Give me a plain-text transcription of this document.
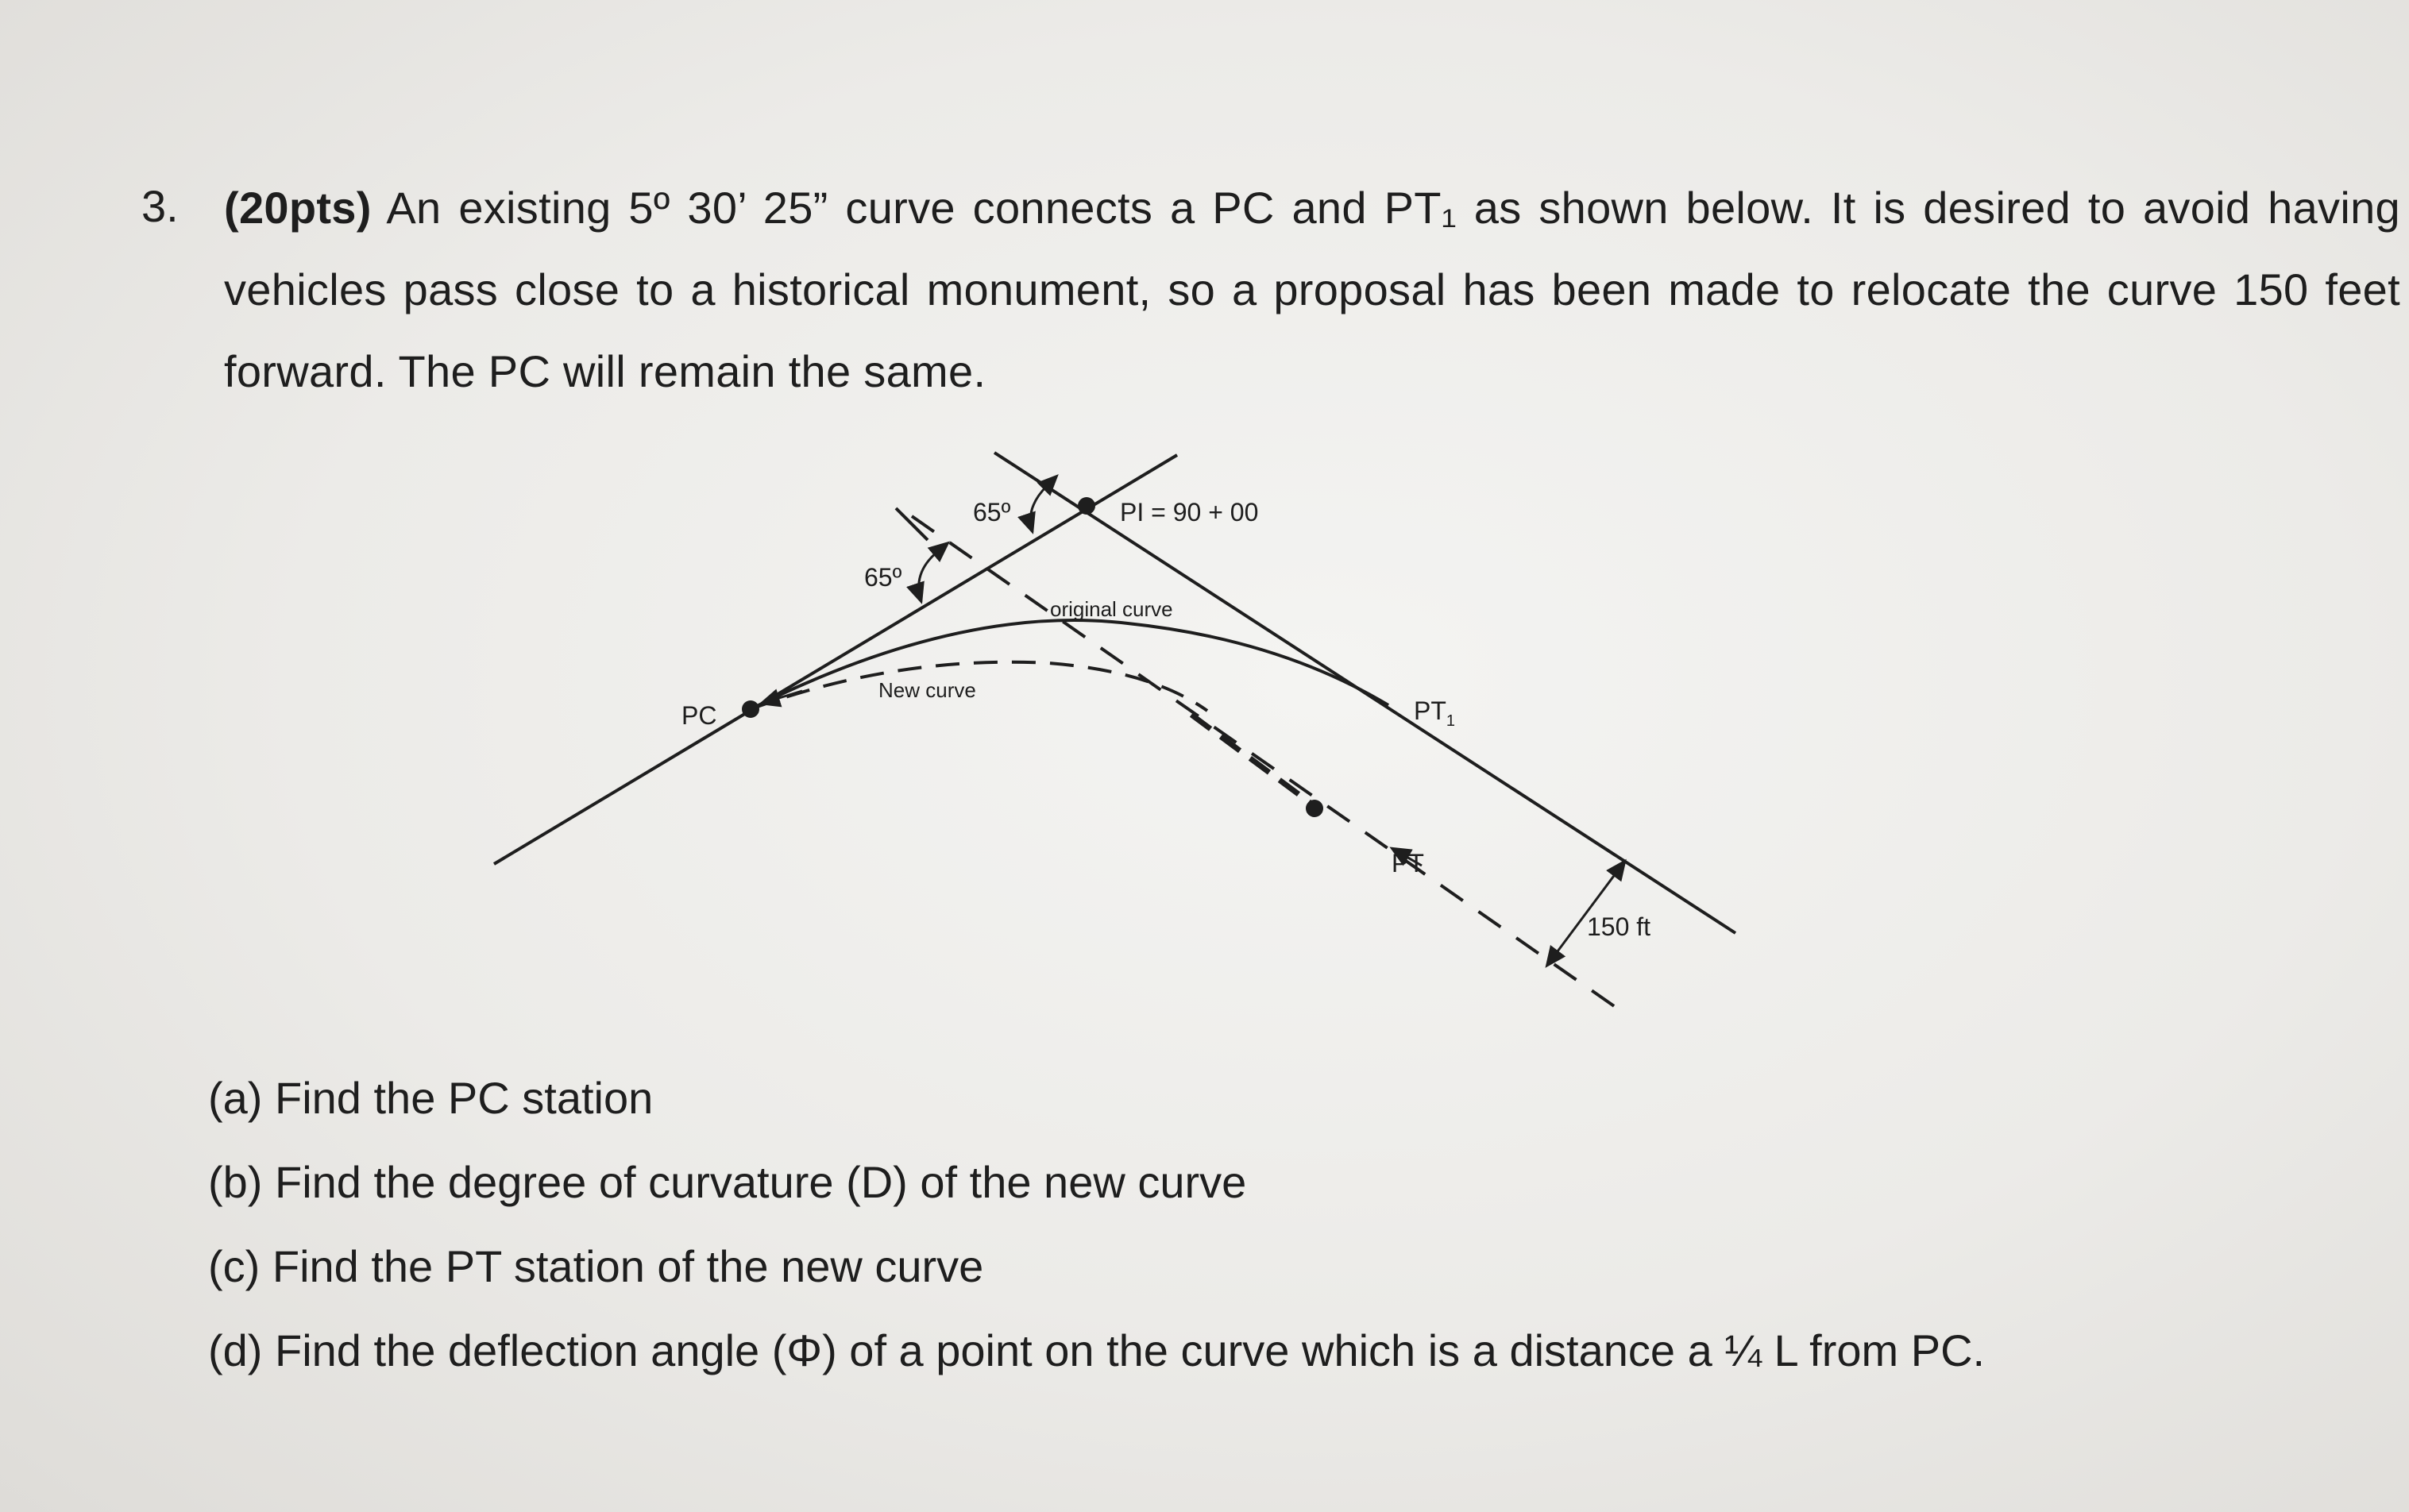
3. (20pts) An existing 5º 30’ 25” curve connects a PC and PT₁ as shown below. It is desired to avoid having vehicles pass close to a historical monument, so a proposal has been made to relocate the curve 150 feet forward. The PC will remain the same.
65º
65º
PI = 90 + 00
original curve
New curve
PC	$PT_1$
PT
150 ft
(a) Find the PC station
(b) Find the degree of curvature (D) of the new curve
(c) Find the PT station of the new curve
(d) Find the deflection angle (Φ) of a point on the curve which is a distance a ¼ L from PC.
